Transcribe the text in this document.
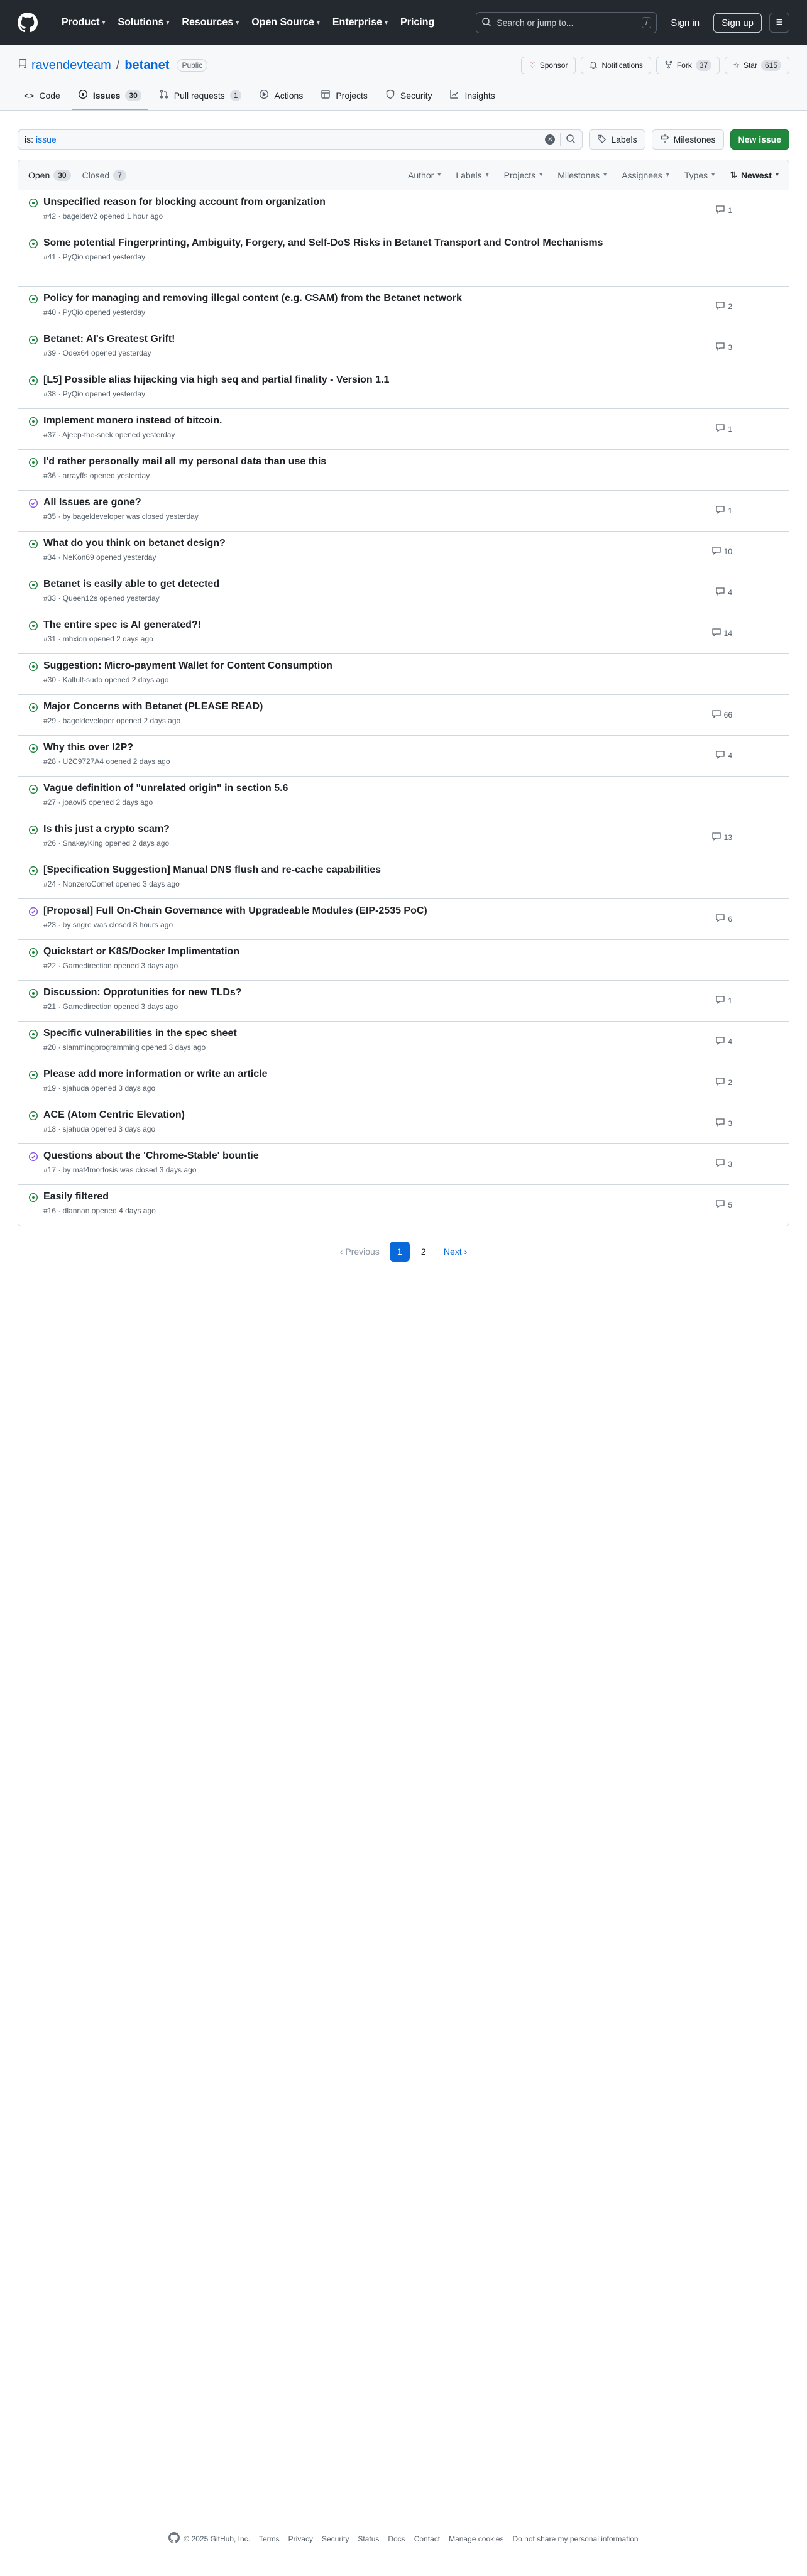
Product ▾ Solutions ▾ Resources ▾ Open Source ▾ Enterprise ▾ Pricing	Search or jump to...	/	Sign in	Sign up
ravendevteam / betanet	Public	♡ Sponsor	Notifications	Fork	37	☆ Star	615
<> Code	Issues	30	Pull requests	1	Actions	Projects	Security	Insights
is: issue	✕	Labels	Milestones	New issue
Open	30	Closed	7	Author ▾ Labels ▾ Projects ▾ Milestones ▾ Assignees ▾ Types ▾ ⇅ Newest ▾
Unspecified reason for blocking account from organization
#42 · bageldev2 opened 1 hour ago
1
Some potential Fingerprinting, Ambiguity, Forgery, and Self-DoS Risks in Betanet Transport and Control Mechanisms
#41 · PyQio opened yesterday
Policy for managing and removing illegal content (e.g. CSAM) from the Betanet network
#40 · PyQio opened yesterday
2
Betanet: AI's Greatest Grift!
#39 · Odex64 opened yesterday
3
[L5] Possible alias hijacking via high seq and partial finality - Version 1.1
#38 · PyQio opened yesterday
Implement monero instead of bitcoin.
#37 · Ajeep-the-snek opened yesterday
1
I'd rather personally mail all my personal data than use this
#36 · arrayffs opened yesterday
All Issues are gone?
#35 · by bageldeveloper was closed yesterday
1
What do you think on betanet design?
#34 · NeKon69 opened yesterday
10
Betanet is easily able to get detected
#33 · Queen12s opened yesterday
4
The entire spec is AI generated?!
#31 · mhxion opened 2 days ago
14
Suggestion: Micro-payment Wallet for Content Consumption
#30 · Kaltult-sudo opened 2 days ago
Major Concerns with Betanet (PLEASE READ)
#29 · bageldeveloper opened 2 days ago
66
Why this over I2P?
#28 · U2C9727A4 opened 2 days ago
4
Vague definition of "unrelated origin" in section 5.6
#27 · joaovi5 opened 2 days ago
Is this just a crypto scam?
#26 · SnakeyKing opened 2 days ago
13
[Specification Suggestion] Manual DNS flush and re-cache capabilities
#24 · NonzeroComet opened 3 days ago
[Proposal] Full On-Chain Governance with Upgradeable Modules (EIP-2535 PoC)
#23 · by sngre was closed 8 hours ago
6
Quickstart or K8S/Docker Implimentation
#22 · Gamedirection opened 3 days ago
Discussion: Opprotunities for new TLDs?
#21 · Gamedirection opened 3 days ago
1
Specific vulnerabilities in the spec sheet
#20 · slammingprogramming opened 3 days ago
4
Please add more information or write an article
#19 · sjahuda opened 3 days ago
2
ACE (Atom Centric Elevation)
#18 · sjahuda opened 3 days ago
3
Questions about the 'Chrome-Stable' bountie
#17 · by mat4morfosis was closed 3 days ago
3
Easily filtered
#16 · dlannan opened 4 days ago
5
‹ Previous	1	2	Next ›
© 2025 GitHub, Inc. Terms Privacy Security Status Docs Contact Manage cookies Do not share my personal information
